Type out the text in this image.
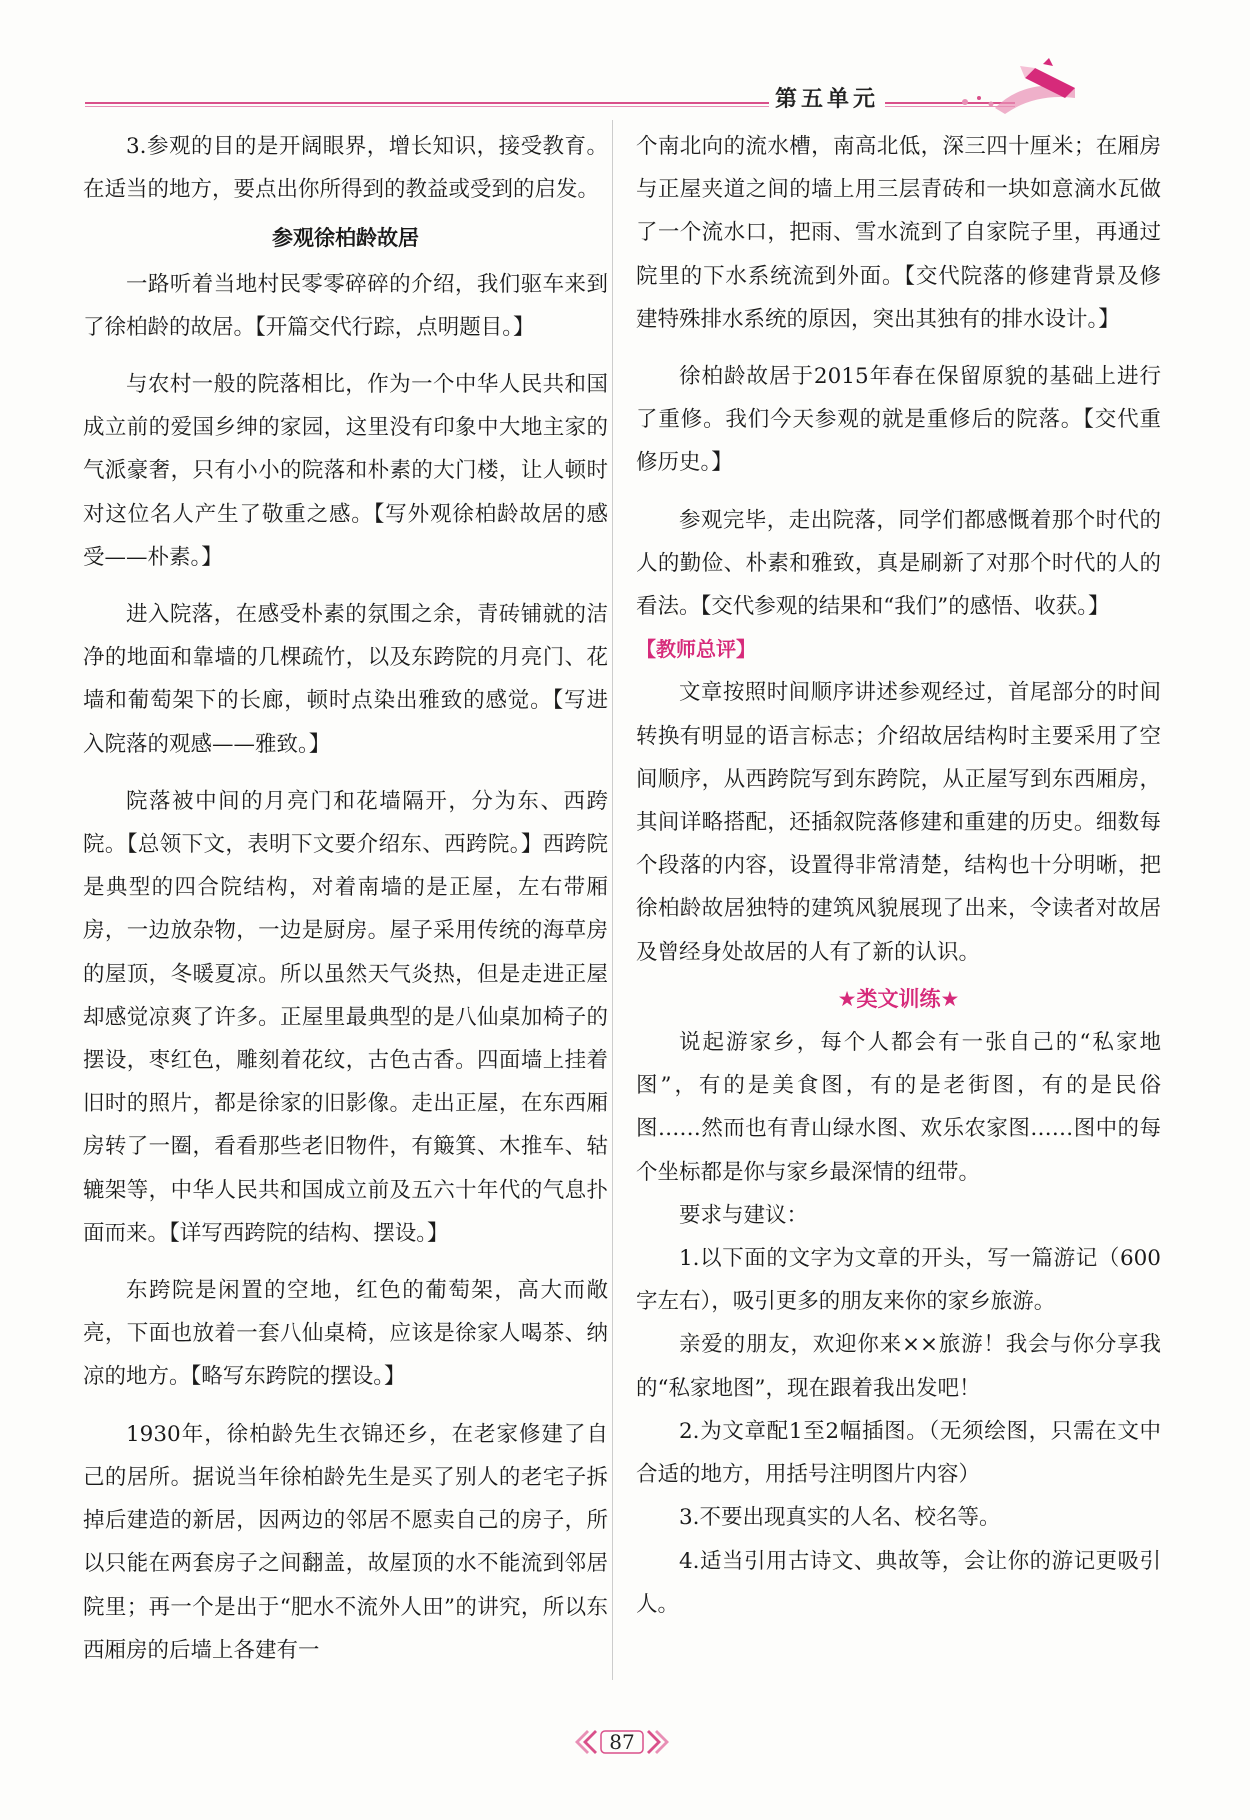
第五单元

3.参观的目的是开阔眼界，增长知识，接受教育。在适当的地方，要点出你所得到的教益或受到的启发。

参观徐柏龄故居

一路听着当地村民零零碎碎的介绍，我们驱车来到了徐柏龄的故居。【开篇交代行踪，点明题目。】

与农村一般的院落相比，作为一个中华人民共和国成立前的爱国乡绅的家园，这里没有印象中大地主家的气派豪奢，只有小小的院落和朴素的大门楼，让人顿时对这位名人产生了敬重之感。【写外观徐柏龄故居的感受——朴素。】

进入院落，在感受朴素的氛围之余，青砖铺就的洁净的地面和靠墙的几棵疏竹，以及东跨院的月亮门、花墙和葡萄架下的长廊，顿时点染出雅致的感觉。【写进入院落的观感——雅致。】

院落被中间的月亮门和花墙隔开，分为东、西跨院。【总领下文，表明下文要介绍东、西跨院。】西跨院是典型的四合院结构，对着南墙的是正屋，左右带厢房，一边放杂物，一边是厨房。屋子采用传统的海草房的屋顶，冬暖夏凉。所以虽然天气炎热，但是走进正屋却感觉凉爽了许多。正屋里最典型的是八仙桌加椅子的摆设，枣红色，雕刻着花纹，古色古香。四面墙上挂着旧时的照片，都是徐家的旧影像。走出正屋，在东西厢房转了一圈，看看那些老旧物件，有簸箕、木推车、轱辘架等，中华人民共和国成立前及五六十年代的气息扑面而来。【详写西跨院的结构、摆设。】

东跨院是闲置的空地，红色的葡萄架，高大而敞亮，下面也放着一套八仙桌椅，应该是徐家人喝茶、纳凉的地方。【略写东跨院的摆设。】

1930年，徐柏龄先生衣锦还乡，在老家修建了自己的居所。据说当年徐柏龄先生是买了别人的老宅子拆掉后建造的新居，因两边的邻居不愿卖自己的房子，所以只能在两套房子之间翻盖，故屋顶的水不能流到邻居院里；再一个是出于“肥水不流外人田”的讲究，所以东西厢房的后墙上各建有一

个南北向的流水槽，南高北低，深三四十厘米；在厢房与正屋夹道之间的墙上用三层青砖和一块如意滴水瓦做了一个流水口，把雨、雪水流到了自家院子里，再通过院里的下水系统流到外面。【交代院落的修建背景及修建特殊排水系统的原因，突出其独有的排水设计。】

徐柏龄故居于2015年春在保留原貌的基础上进行了重修。我们今天参观的就是重修后的院落。【交代重修历史。】

参观完毕，走出院落，同学们都感慨着那个时代的人的勤俭、朴素和雅致，真是刷新了对那个时代的人的看法。【交代参观的结果和“我们”的感悟、收获。】

【教师总评】

文章按照时间顺序讲述参观经过，首尾部分的时间转换有明显的语言标志；介绍故居结构时主要采用了空间顺序，从西跨院写到东跨院，从正屋写到东西厢房，其间详略搭配，还插叙院落修建和重建的历史。细数每个段落的内容，设置得非常清楚，结构也十分明晰，把徐柏龄故居独特的建筑风貌展现了出来，令读者对故居及曾经身处故居的人有了新的认识。

★类文训练★

说起游家乡，每个人都会有一张自己的“私家地图”，有的是美食图，有的是老街图，有的是民俗图……然而也有青山绿水图、欢乐农家图……图中的每个坐标都是你与家乡最深情的纽带。

要求与建议：

1.以下面的文字为文章的开头，写一篇游记（600字左右），吸引更多的朋友来你的家乡旅游。

亲爱的朋友，欢迎你来××旅游！我会与你分享我的“私家地图”，现在跟着我出发吧！

2.为文章配1至2幅插图。（无须绘图，只需在文中合适的地方，用括号注明图片内容）

3.不要出现真实的人名、校名等。

4.适当引用古诗文、典故等，会让你的游记更吸引人。

87
